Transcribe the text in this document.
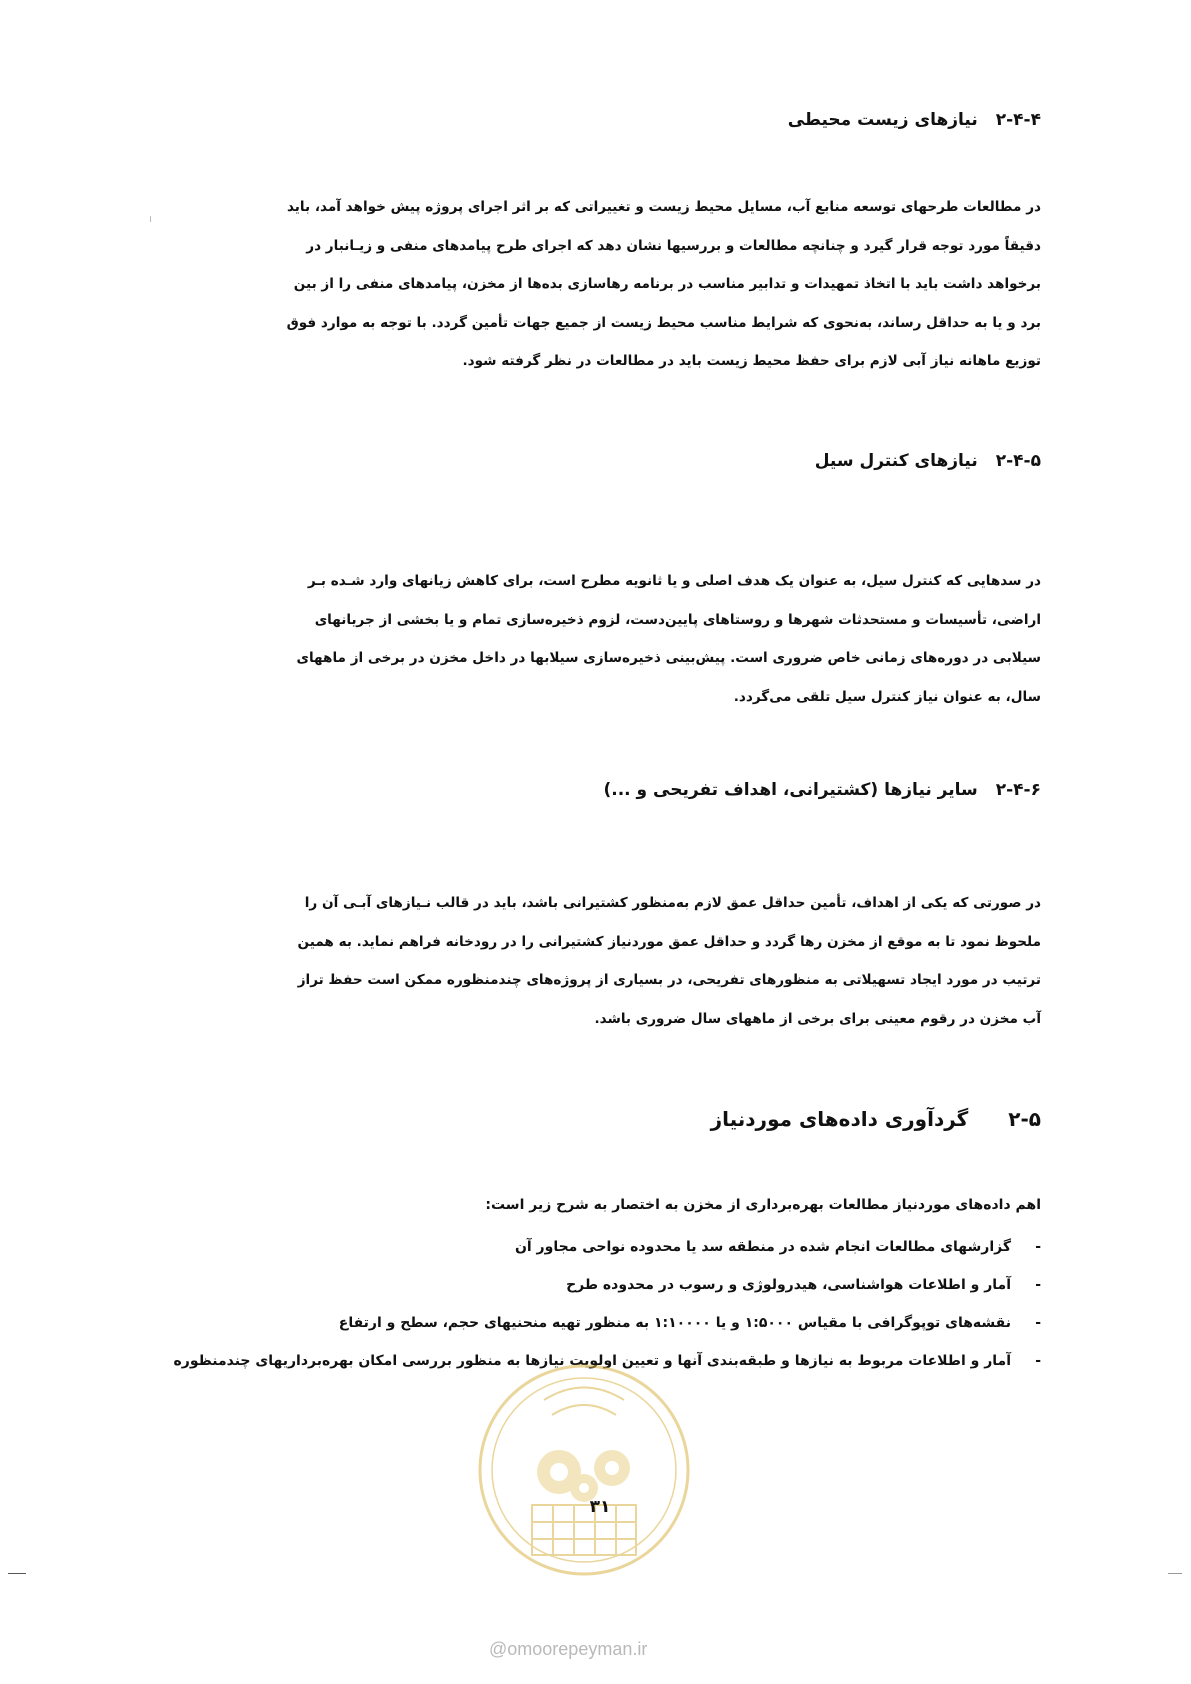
۲-۴-۴نیازهای زیست محیطی

در مطالعات طرحهای توسعه منابع آب، مسایل محیط زیست و تغییراتی که بر اثر اجرای پروژه پیش خواهد آمد، باید

دقیقاً مورد توجه قرار گیرد و چنانچه مطالعات و بررسیها نشان دهد که اجرای طرح پیامدهای منفی و زیـانبار در

برخواهد داشت باید با اتخاذ تمهیدات و تدابیر مناسب در برنامه رهاسازی بده‌ها از مخزن، پیامدهای منفی را از بین

برد و یا به حداقل رساند، به‌نحوی که شرایط مناسب محیط زیست از جمیع جهات تأمین گردد. با توجه به موارد فوق

توزیع ماهانه نیاز آبی لازم برای حفظ محیط زیست باید در مطالعات در نظر گرفته شود.

۲-۴-۵نیازهای کنترل سیل

در سدهایی که کنترل سیل، به عنوان یک هدف اصلی و یا ثانویه مطرح است، برای کاهش زیانهای وارد شـده بـر

اراضی، تأسیسات و مستحدثات شهرها و روستاهای پایین‌دست، لزوم ذخیره‌سازی تمام و یا بخشی از جریانهای

سیلابی در دوره‌های زمانی خاص ضروری است. پیش‌بینی ذخیره‌سازی سیلابها در داخل مخزن در برخی از ماههای

سال، به عنوان نیاز کنترل سیل تلقی می‌گردد.

۲-۴-۶سایر نیازها (کشتیرانی، اهداف تفریحی و ...)

در صورتی که یکی از اهداف، تأمین حداقل عمق لازم به‌منظور کشتیرانی باشد، باید در قالب نـیازهای آبـی آن را

ملحوظ نمود تا به موقع از مخزن رها گردد و حداقل عمق موردنیاز کشتیرانی را در رودخانه فراهم نماید. به همین

ترتیب در مورد ایجاد تسهیلاتی به منظورهای تفریحی، در بسیاری از پروژه‌های چندمنظوره ممکن است حفظ تراز

آب مخزن در رقوم معینی برای برخی از ماههای سال ضروری باشد.

۲-۵گردآوری داده‌های موردنیاز
اهم داده‌های موردنیاز مطالعات بهره‌برداری از مخزن به اختصار به شرح زیر است:
-
گزارشهای مطالعات انجام شده در منطقه سد یا محدوده نواحی مجاور آن
-
آمار و اطلاعات هواشناسی، هیدرولوژی و رسوب در محدوده طرح
-
نقشه‌های توپوگرافی با مقیاس ۱:۵۰۰۰ و یا ۱:۱۰۰۰۰ به منظور تهیه منحنیهای حجم، سطح و ارتفاع
-
آمار و اطلاعات مربوط به نیازها و طبقه‌بندی آنها و تعیین اولویت نیازها به منظور بررسی امکان بهره‌برداریهای چندمنظوره
۳۱
@omoorepeyman.ir
